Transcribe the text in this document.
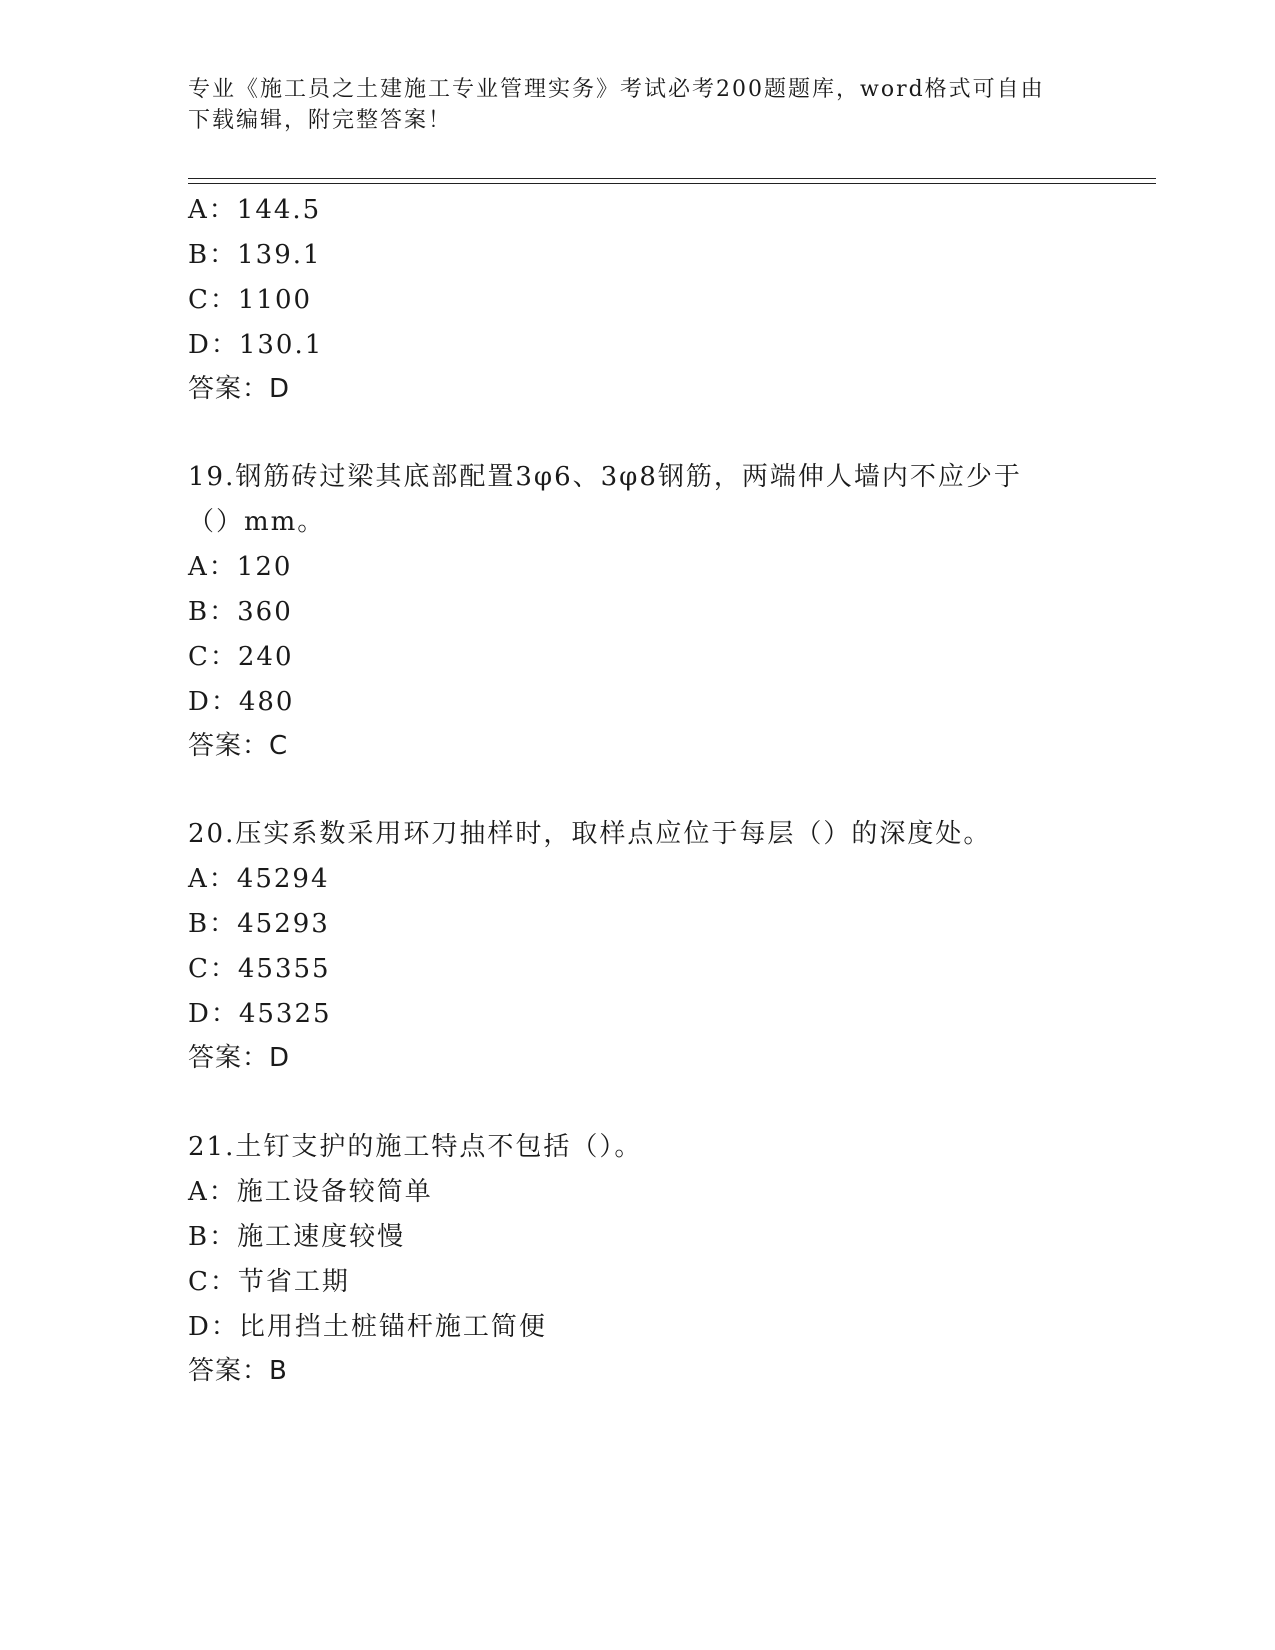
专业《施工员之土建施工专业管理实务》考试必考200题题库，word格式可自由
下载编辑，附完整答案！
A：144.5
B：139.1
C：1100
D：130.1
答案：D
19.钢筋砖过梁其底部配置3φ6、3φ8钢筋，两端伸人墙内不应少于
（）mm。
A：120
B：360
C：240
D：480
答案：C
20.压实系数采用环刀抽样时，取样点应位于每层（）的深度处。
A：45294
B：45293
C：45355
D：45325
答案：D
21.土钉支护的施工特点不包括（）。
A：施工设备较简单
B：施工速度较慢
C：节省工期
D：比用挡土桩锚杆施工简便
答案：B
